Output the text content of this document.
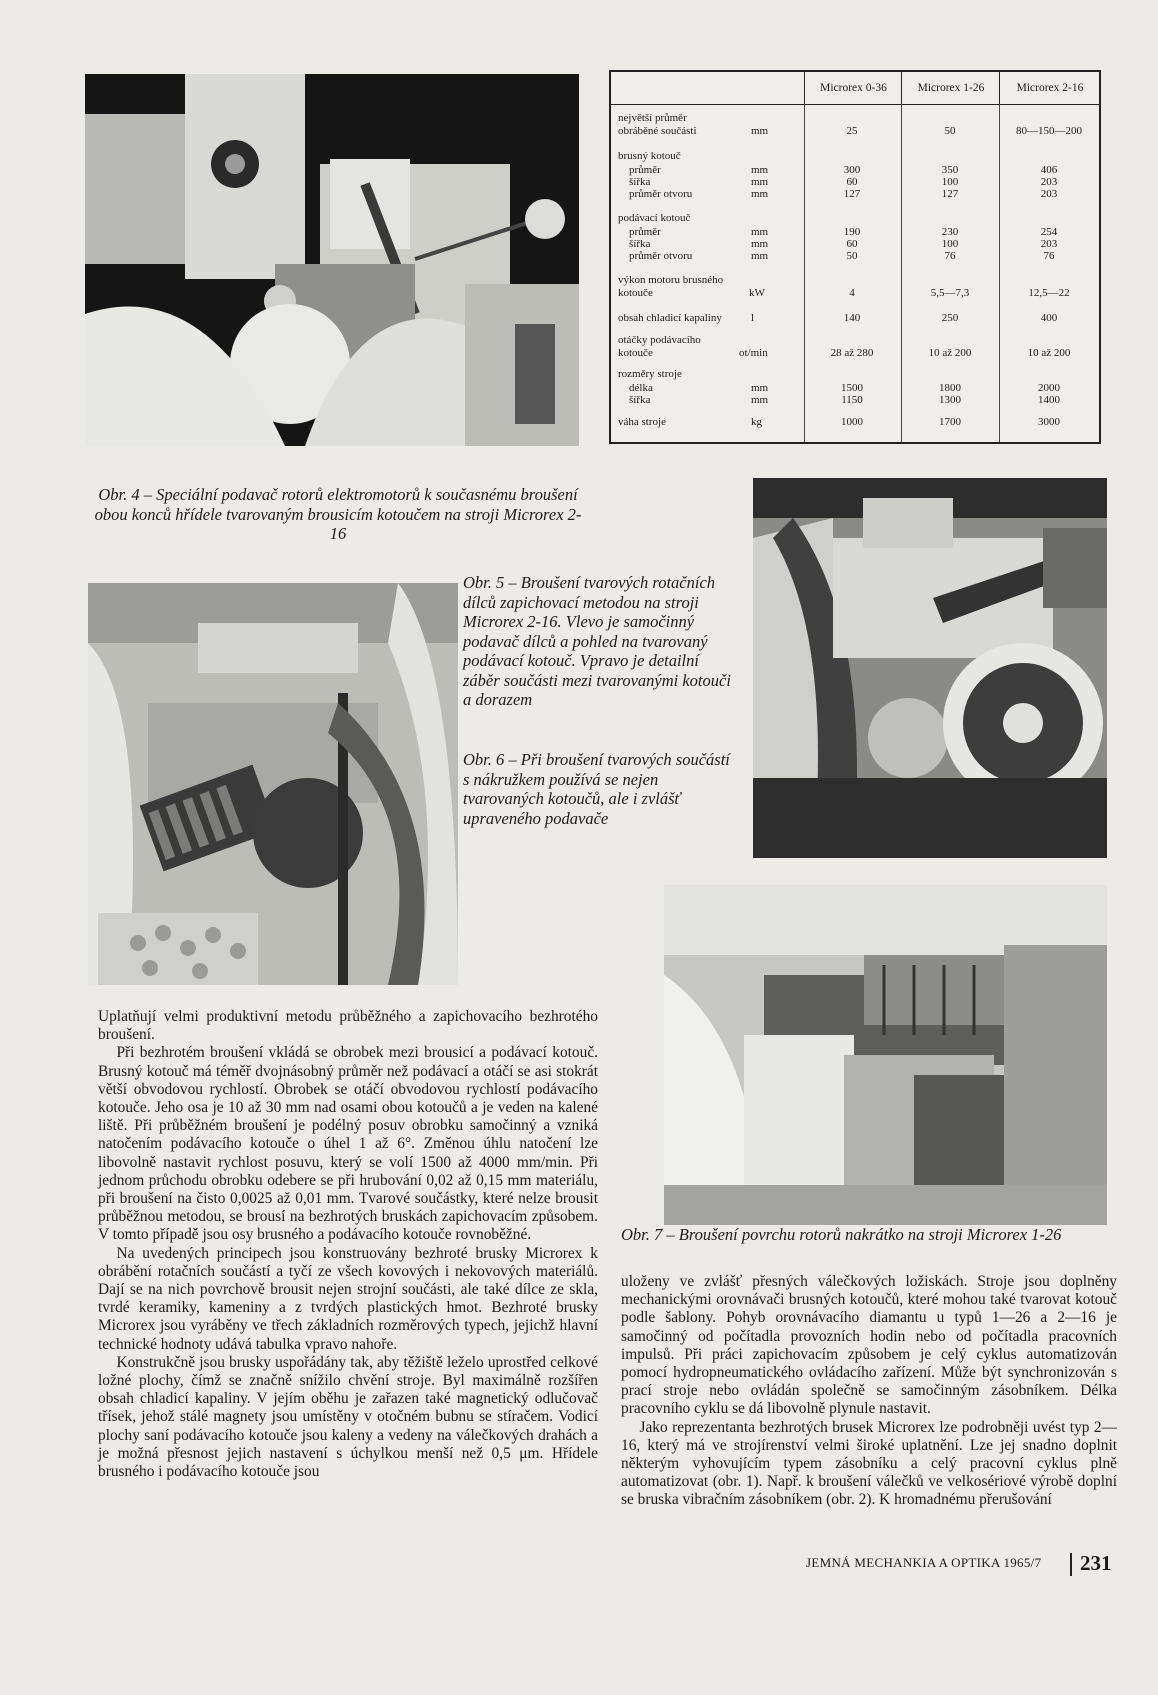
Microrex 0-36	Microrex 1-26	Microrex 2-16
největší průměr
obráběné součásti	mm	25	50	80—150—200
brusný kotouč
průměr	mm	300	350	406
šířka	mm	60	100	203
průměr otvoru	mm	127	127	203
podávací kotouč
průměr	mm	190	230	254
šířka	mm	60	100	203
průměr otvoru	mm	50	76	76
výkon motoru brusného
kotouče	kW	4	5,5—7,3	12,5—22
obsah chladicí kapaliny	l	140	250	400
otáčky podávacího
kotouče	ot/min	28 až 280	10 až 200	10 až 200
rozměry stroje
délka	mm	1500	1800	2000
šířka	mm	1150	1300	1400
váha stroje	kg	1000	1700	3000
Obr. 4 – Speciální podavač rotorů elektromotorů k současnému broušení obou konců hřídele tvarovaným brousicím kotoučem na stroji Microrex 2-16
Obr. 5 – Broušení tvarových rotačních dílců zapichovací metodou na stroji Microrex 2-16. Vlevo je samočinný podavač dílců a pohled na tvarovaný podávací kotouč. Vpravo je detailní záběr součásti mezi tvarovanými kotouči a dorazem
Obr. 6 – Při broušení tvarových součástí s nákružkem používá se nejen tvarovaných kotoučů, ale i zvlášť upraveného podavače
Obr. 7 – Broušení povrchu rotorů nakrátko na stroji Microrex 1-26

Uplatňují velmi produktivní metodu průběžného a zapichovacího bezhrotého broušení.

Při bezhrotém broušení vkládá se obrobek mezi brousicí a podávací kotouč. Brusný kotouč má téměř dvojnásobný průměr než podávací a otáčí se asi stokrát větší obvodovou rychlostí. Obrobek se otáčí obvodovou rychlostí podávacího kotouče. Jeho osa je 10 až 30 mm nad osami obou kotoučů a je veden na kalené liště. Při průběžném broušení je podélný posuv obrobku samočinný a vzniká natočením podávacího kotouče o úhel 1 až 6°. Změnou úhlu natočení lze libovolně nastavit rychlost posuvu, který se volí 1500 až 4000 mm/min. Při jednom průchodu obrobku odebere se při hrubování 0,02 až 0,15 mm materiálu, při broušení na čisto 0,0025 až 0,01 mm. Tvarové součástky, které nelze brousit průběžnou metodou, se brousí na bezhrotých bruskách zapichovacím způsobem. V tomto případě jsou osy brusného a podávacího kotouče rovnoběžné.

Na uvedených principech jsou konstruovány bezhroté brusky Microrex k obrábění rotačních součástí a tyčí ze všech kovových i nekovových materiálů. Dají se na nich povrchově brousit nejen strojní součásti, ale také dílce ze skla, tvrdé keramiky, kameniny a z tvrdých plastických hmot. Bezhroté brusky Microrex jsou vyráběny ve třech základních rozměrových typech, jejichž hlavní technické hodnoty udává tabulka vpravo nahoře.

Konstrukčně jsou brusky uspořádány tak, aby těžiště leželo uprostřed celkové ložné plochy, čímž se značně snížilo chvění stroje. Byl maximálně rozšířen obsah chladicí kapaliny. V jejím oběhu je zařazen také magnetický odlučovač třísek, jehož stálé magnety jsou umístěny v otočném bubnu se stíračem. Vodicí plochy saní podávacího kotouče jsou kaleny a vedeny na válečkových drahách a je možná přesnost jejich nastavení s úchylkou menší než 0,5 μm. Hřídele brusného i podávacího kotouče jsou

uloženy ve zvlášť přesných válečkových ložiskách. Stroje jsou doplněny mechanickými orovnávači brusných kotoučů, které mohou také tvarovat kotouč podle šablony. Pohyb orovnávacího diamantu u typů 1—26 a 2—16 je samočinný od počítadla provozních hodin nebo od počítadla pracovních impulsů. Při práci zapichovacím způsobem je celý cyklus automatizován pomocí hydropneumatického ovládacího zařízení. Může být synchronizován s prací stroje nebo ovládán společně se samočinným zásobníkem. Délka pracovního cyklu se dá libovolně plynule nastavit.

Jako reprezentanta bezhrotých brusek Microrex lze podrobněji uvést typ 2—16, který má ve strojírenství velmi široké uplatnění. Lze jej snadno doplnit některým vyhovujícím typem zásobníku a celý pracovní cyklus plně automatizovat (obr. 1). Např. k broušení válečků ve velkosériové výrobě doplní se bruska vibračním zásobníkem (obr. 2). K hromadnému přerušování

JEMNÁ MECHANKIA A OPTIKA 1965/7 231
